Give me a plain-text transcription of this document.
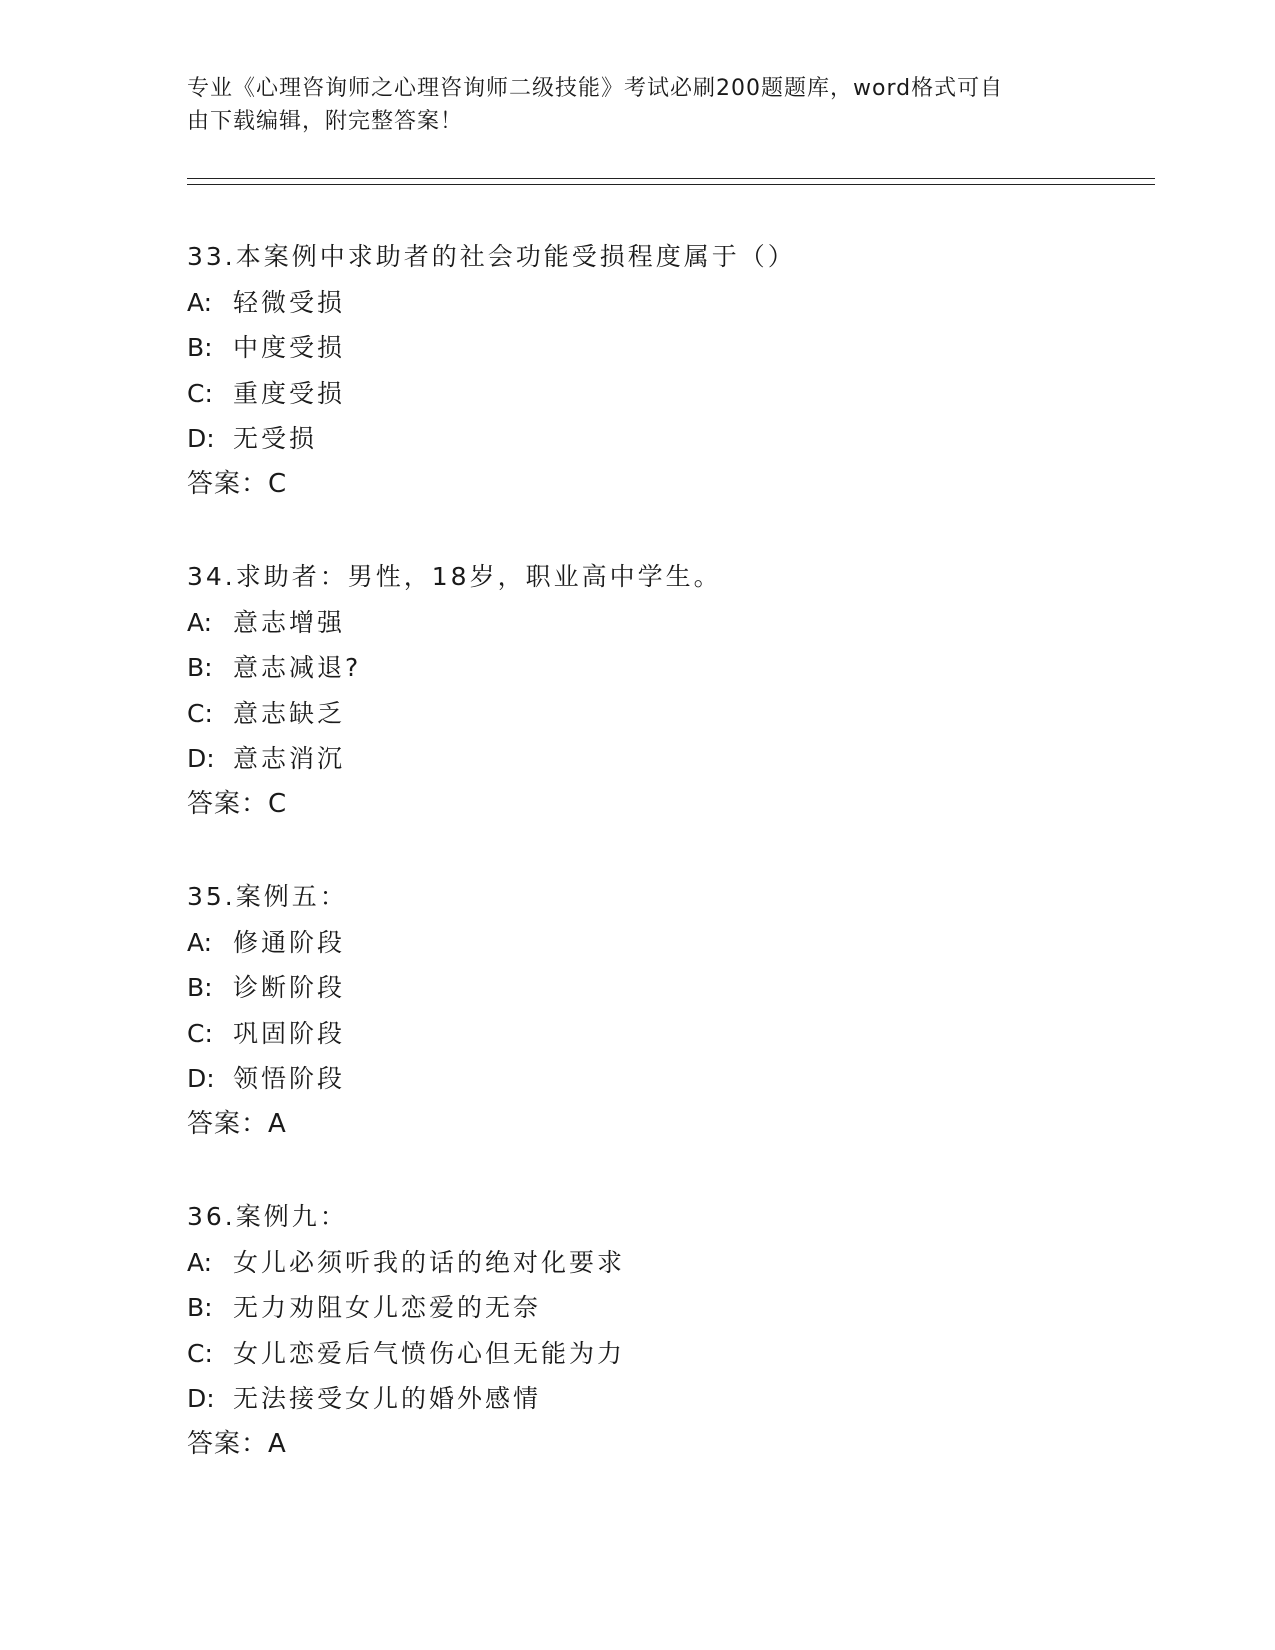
专业《心理咨询师之心理咨询师二级技能》考试必刷200题题库，word格式可自
由下载编辑，附完整答案！
33.本案例中求助者的社会功能受损程度属于（）
A: 轻微受损
B: 中度受损
C: 重度受损
D: 无受损
答案：C
34.求助者：男性，18岁，职业高中学生。
A: 意志增强
B: 意志减退?
C: 意志缺乏
D: 意志消沉
答案：C
35.案例五：
A: 修通阶段
B: 诊断阶段
C: 巩固阶段
D: 领悟阶段
答案：A
36.案例九：
A: 女儿必须听我的话的绝对化要求
B: 无力劝阻女儿恋爱的无奈
C: 女儿恋爱后气愤伤心但无能为力
D: 无法接受女儿的婚外感情
答案：A
